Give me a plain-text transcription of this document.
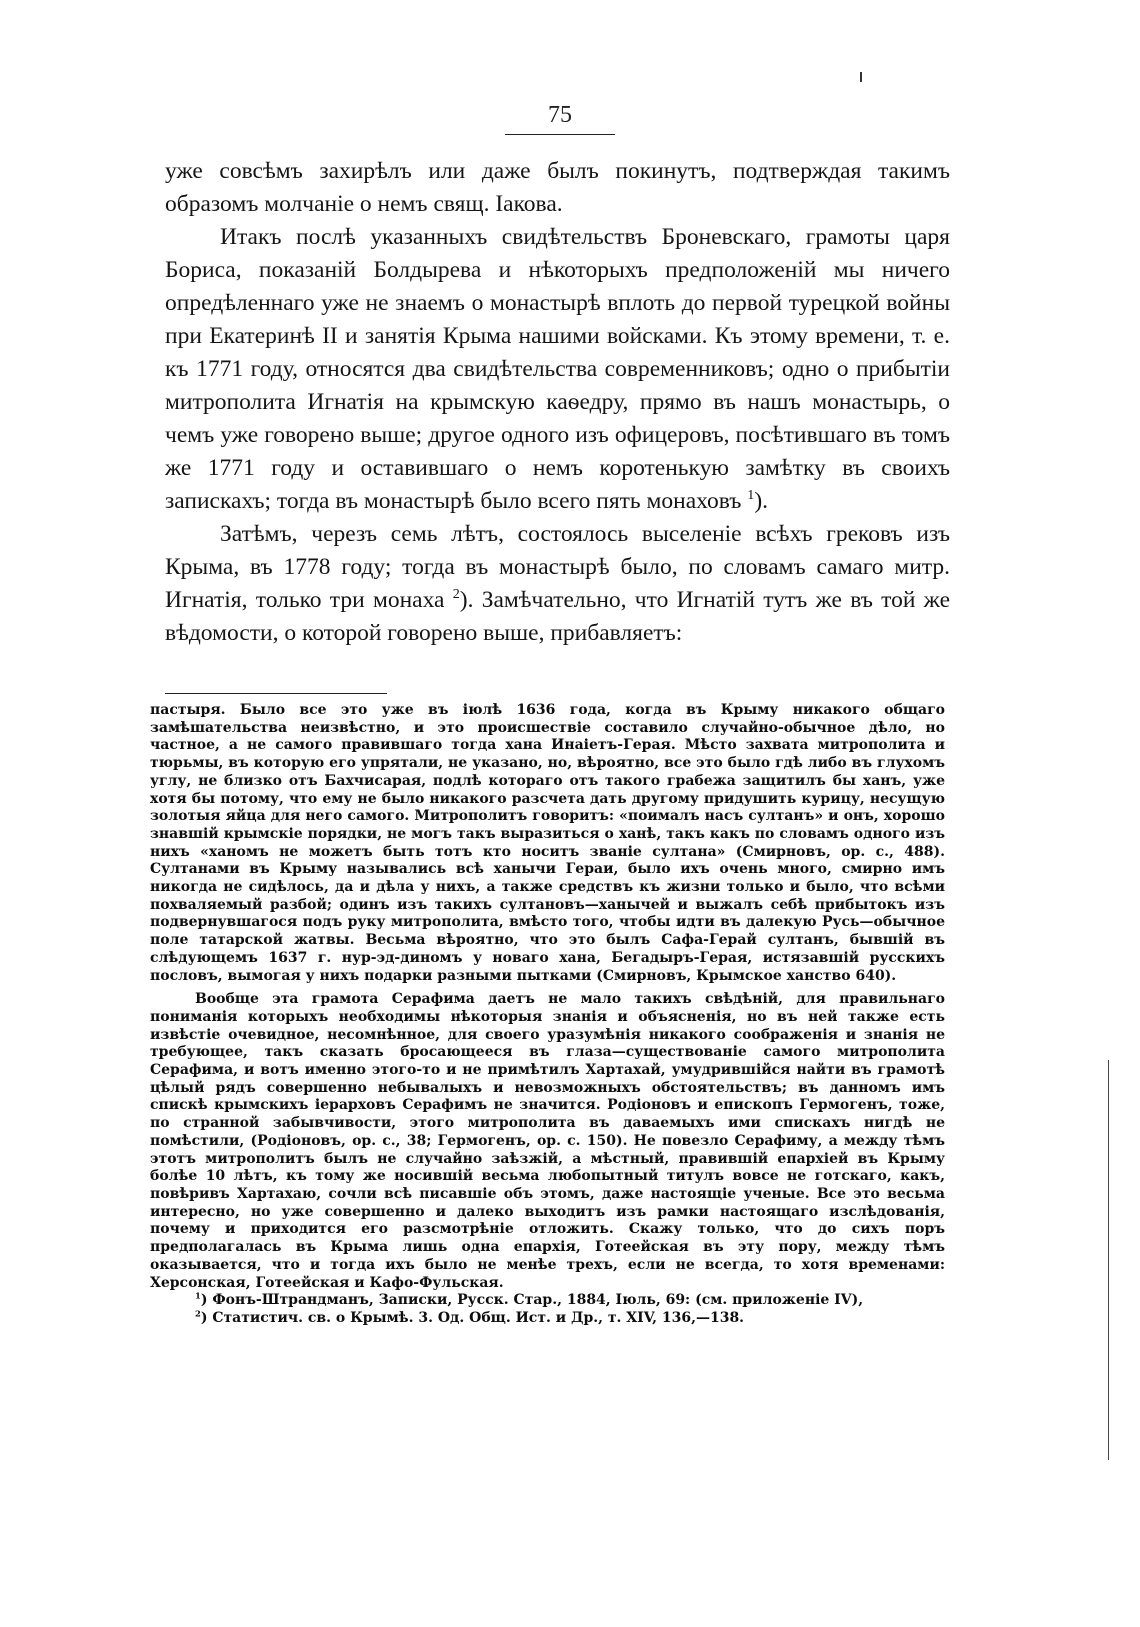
75

уже совсѣмъ захирѣлъ или даже былъ покинутъ, подтверждая такимъ образомъ молчаніе о немъ свящ. Іакова.

Итакъ послѣ указанныхъ свидѣтельствъ Броневскаго, грамоты царя Бориса, показаній Болдырева и нѣкоторыхъ предположеній мы ничего опредѣленнаго уже не знаемъ о монастырѣ вплоть до первой турецкой войны при Екатеринѣ II и занятія Крыма нашими войсками. Къ этому времени, т. е. къ 1771 году, относятся два свидѣтельства современниковъ; одно о прибытіи митрополита Игнатія на крымскую каѳедру, прямо въ нашъ монастырь, о чемъ уже говорено выше; другое одного изъ офицеровъ, посѣтившаго въ томъ же 1771 году и оставившаго о немъ коротенькую замѣтку въ своихъ запискахъ; тогда въ монастырѣ было всего пять монаховъ $^1$).

Затѣмъ, черезъ семь лѣтъ, состоялось выселеніе всѣхъ грековъ изъ Крыма, въ 1778 году; тогда въ монастырѣ было, по словамъ самаго митр. Игнатія, только три монаха $^2$). Замѣчательно, что Игнатій тутъ же въ той же вѣдомости, о которой говорено выше, прибавляетъ:

пастыря. Было все это уже въ іюлѣ 1636 года, когда въ Крыму никакого общаго замѣшательства неизвѣстно, и это происшествіе составило случайно-обычное дѣло, но частное, а не самого правившаго тогда хана Инаіетъ-Герая. Мѣсто захвата митрополита и тюрьмы, въ которую его упрятали, не указано, но, вѣроятно, все это было гдѣ либо въ глухомъ углу, не близко отъ Бахчисарая, подлѣ котораго отъ такого грабежа защитилъ бы ханъ, уже хотя бы потому, что ему не было никакого разсчета дать другому придушить курицу, несущую золотыя яйца для него самого. Митрополитъ говоритъ: «поималъ насъ султанъ» и онъ, хорошо знавшій крымскіе порядки, не могъ такъ выразиться о ханѣ, такъ какъ по словамъ одного изъ нихъ «ханомъ не можетъ быть тотъ кто носитъ званіе султана» (Смирновъ, ор. с., 488). Султанами въ Крыму назывались всѣ ханычи Гераи, было ихъ очень много, смирно имъ никогда не сидѣлось, да и дѣла у нихъ, а также средствъ къ жизни только и было, что всѣми похваляемый разбой; одинъ изъ такихъ султановъ—ханычей и выжалъ себѣ прибытокъ изъ подвернувшагося подъ руку митрополита, вмѣсто того, чтобы идти въ далекую Русь—обычное поле татарской жатвы. Весьма вѣроятно, что это былъ Сафа-Герай султанъ, бывшій въ слѣдующемъ 1637 г. нур-эд-диномъ у новаго хана, Бегадыръ-Герая, истязавшій русскихъ пословъ, вымогая у нихъ подарки разными пытками (Смирновъ, Крымское ханство 640).

Вообще эта грамота Серафима даетъ не мало такихъ свѣдѣній, для правильнаго пониманія которыхъ необходимы нѣкоторыя знанія и объясненія, но въ ней также есть извѣстіе очевидное, несомнѣнное, для своего уразумѣнія никакого соображенія и знанія не требующее, такъ сказать бросающееся въ глаза—существованіе самого митрополита Серафима, и вотъ именно этого-то и не примѣтилъ Хартахай, умудрившійся найти въ грамотѣ цѣлый рядъ совершенно небывалыхъ и невозможныхъ обстоятельствъ; въ данномъ имъ спискѣ крымскихъ іерарховъ Серафимъ не значится. Родіоновъ и епископъ Гермогенъ, тоже, по странной забывчивости, этого митрополита въ даваемыхъ ими спискахъ нигдѣ не помѣстили, (Родіоновъ, ор. с., 38; Гермогенъ, ор. с. 150). Не повезло Серафиму, а между тѣмъ этотъ митрополитъ былъ не случайно заѣзжій, а мѣстный, правившій епархіей въ Крыму болѣе 10 лѣтъ, къ тому же носившій весьма любопытный титулъ вовсе не готскаго, какъ, повѣривъ Хартахаю, сочли всѣ писавшіе объ этомъ, даже настоящіе ученые. Все это весьма интересно, но уже совершенно и далеко выходитъ изъ рамки настоящаго изслѣдованія, почему и приходится его разсмотрѣніе отложить. Скажу только, что до сихъ поръ предполагалась въ Крыма лишь одна епархія, Готеейская въ эту пору, между тѣмъ оказывается, что и тогда ихъ было не менѣе трехъ, если не всегда, то хотя временами: Херсонская, Готеейская и Кафо-Фульская.

$^1$) Фонъ-Штрандманъ, Записки, Русск. Стар., 1884, Іюль, 69: (см. приложеніе IV),

$^2$) Статистич. св. о Крымѣ. 3. Од. Общ. Ист. и Др., т. XIV, 136,—138.
